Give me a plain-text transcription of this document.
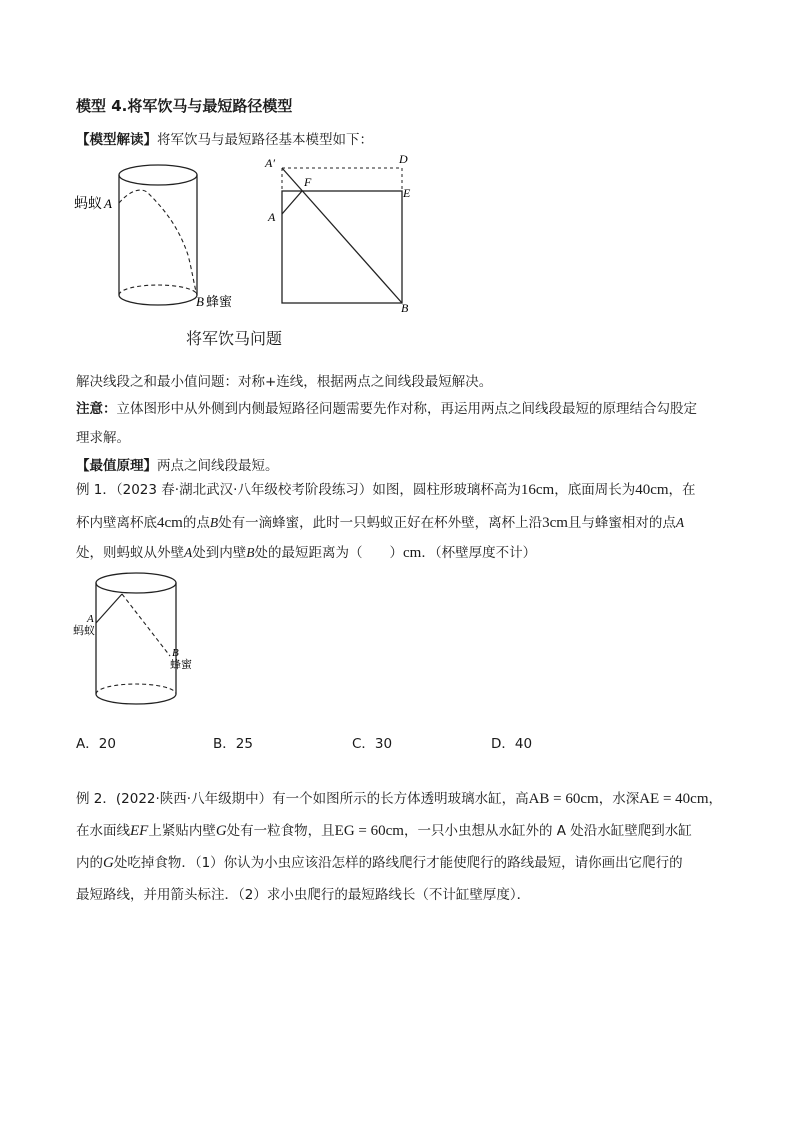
模型 4.将军饮马与最短路径模型
【模型解读】将军饮马与最短路径基本模型如下：
蚂蚁 A
B 蜂蜜
A′	D
F
E
A
B
将军饮马问题
解决线段之和最小值问题：对称+连线，根据两点之间线段最短解决。
注意：立体图形中从外侧到内侧最短路径问题需要先作对称，再运用两点之间线段最短的原理结合勾股定
理求解。
【最值原理】两点之间线段最短。
例 1．（2023 春·湖北武汉·八年级校考阶段练习）如图，圆柱形玻璃杯高为16cm，底面周长为40cm，在
杯内壁离杯底4cm的点B处有一滴蜂蜜，此时一只蚂蚁正好在杯外壁，离杯上沿3cm且与蜂蜜相对的点A
处，则蚂蚁从外壁A处到内壁B处的最短距离为（　　）cm．（杯壁厚度不计）
A
蚂蚁
B
蜂蜜
A．20	B．25	C．30	D．40
例 2．(2022·陕西·八年级期中）有一个如图所示的长方体透明玻璃水缸，高AB = 60cm，水深AE = 40cm，
在水面线EF上紧贴内壁G处有一粒食物，且EG = 60cm，一只小虫想从水缸外的 A 处沿水缸壁爬到水缸
内的G处吃掉食物．（1）你认为小虫应该沿怎样的路线爬行才能使爬行的路线最短，请你画出它爬行的
最短路线，并用箭头标注．（2）求小虫爬行的最短路线长（不计缸壁厚度）．
